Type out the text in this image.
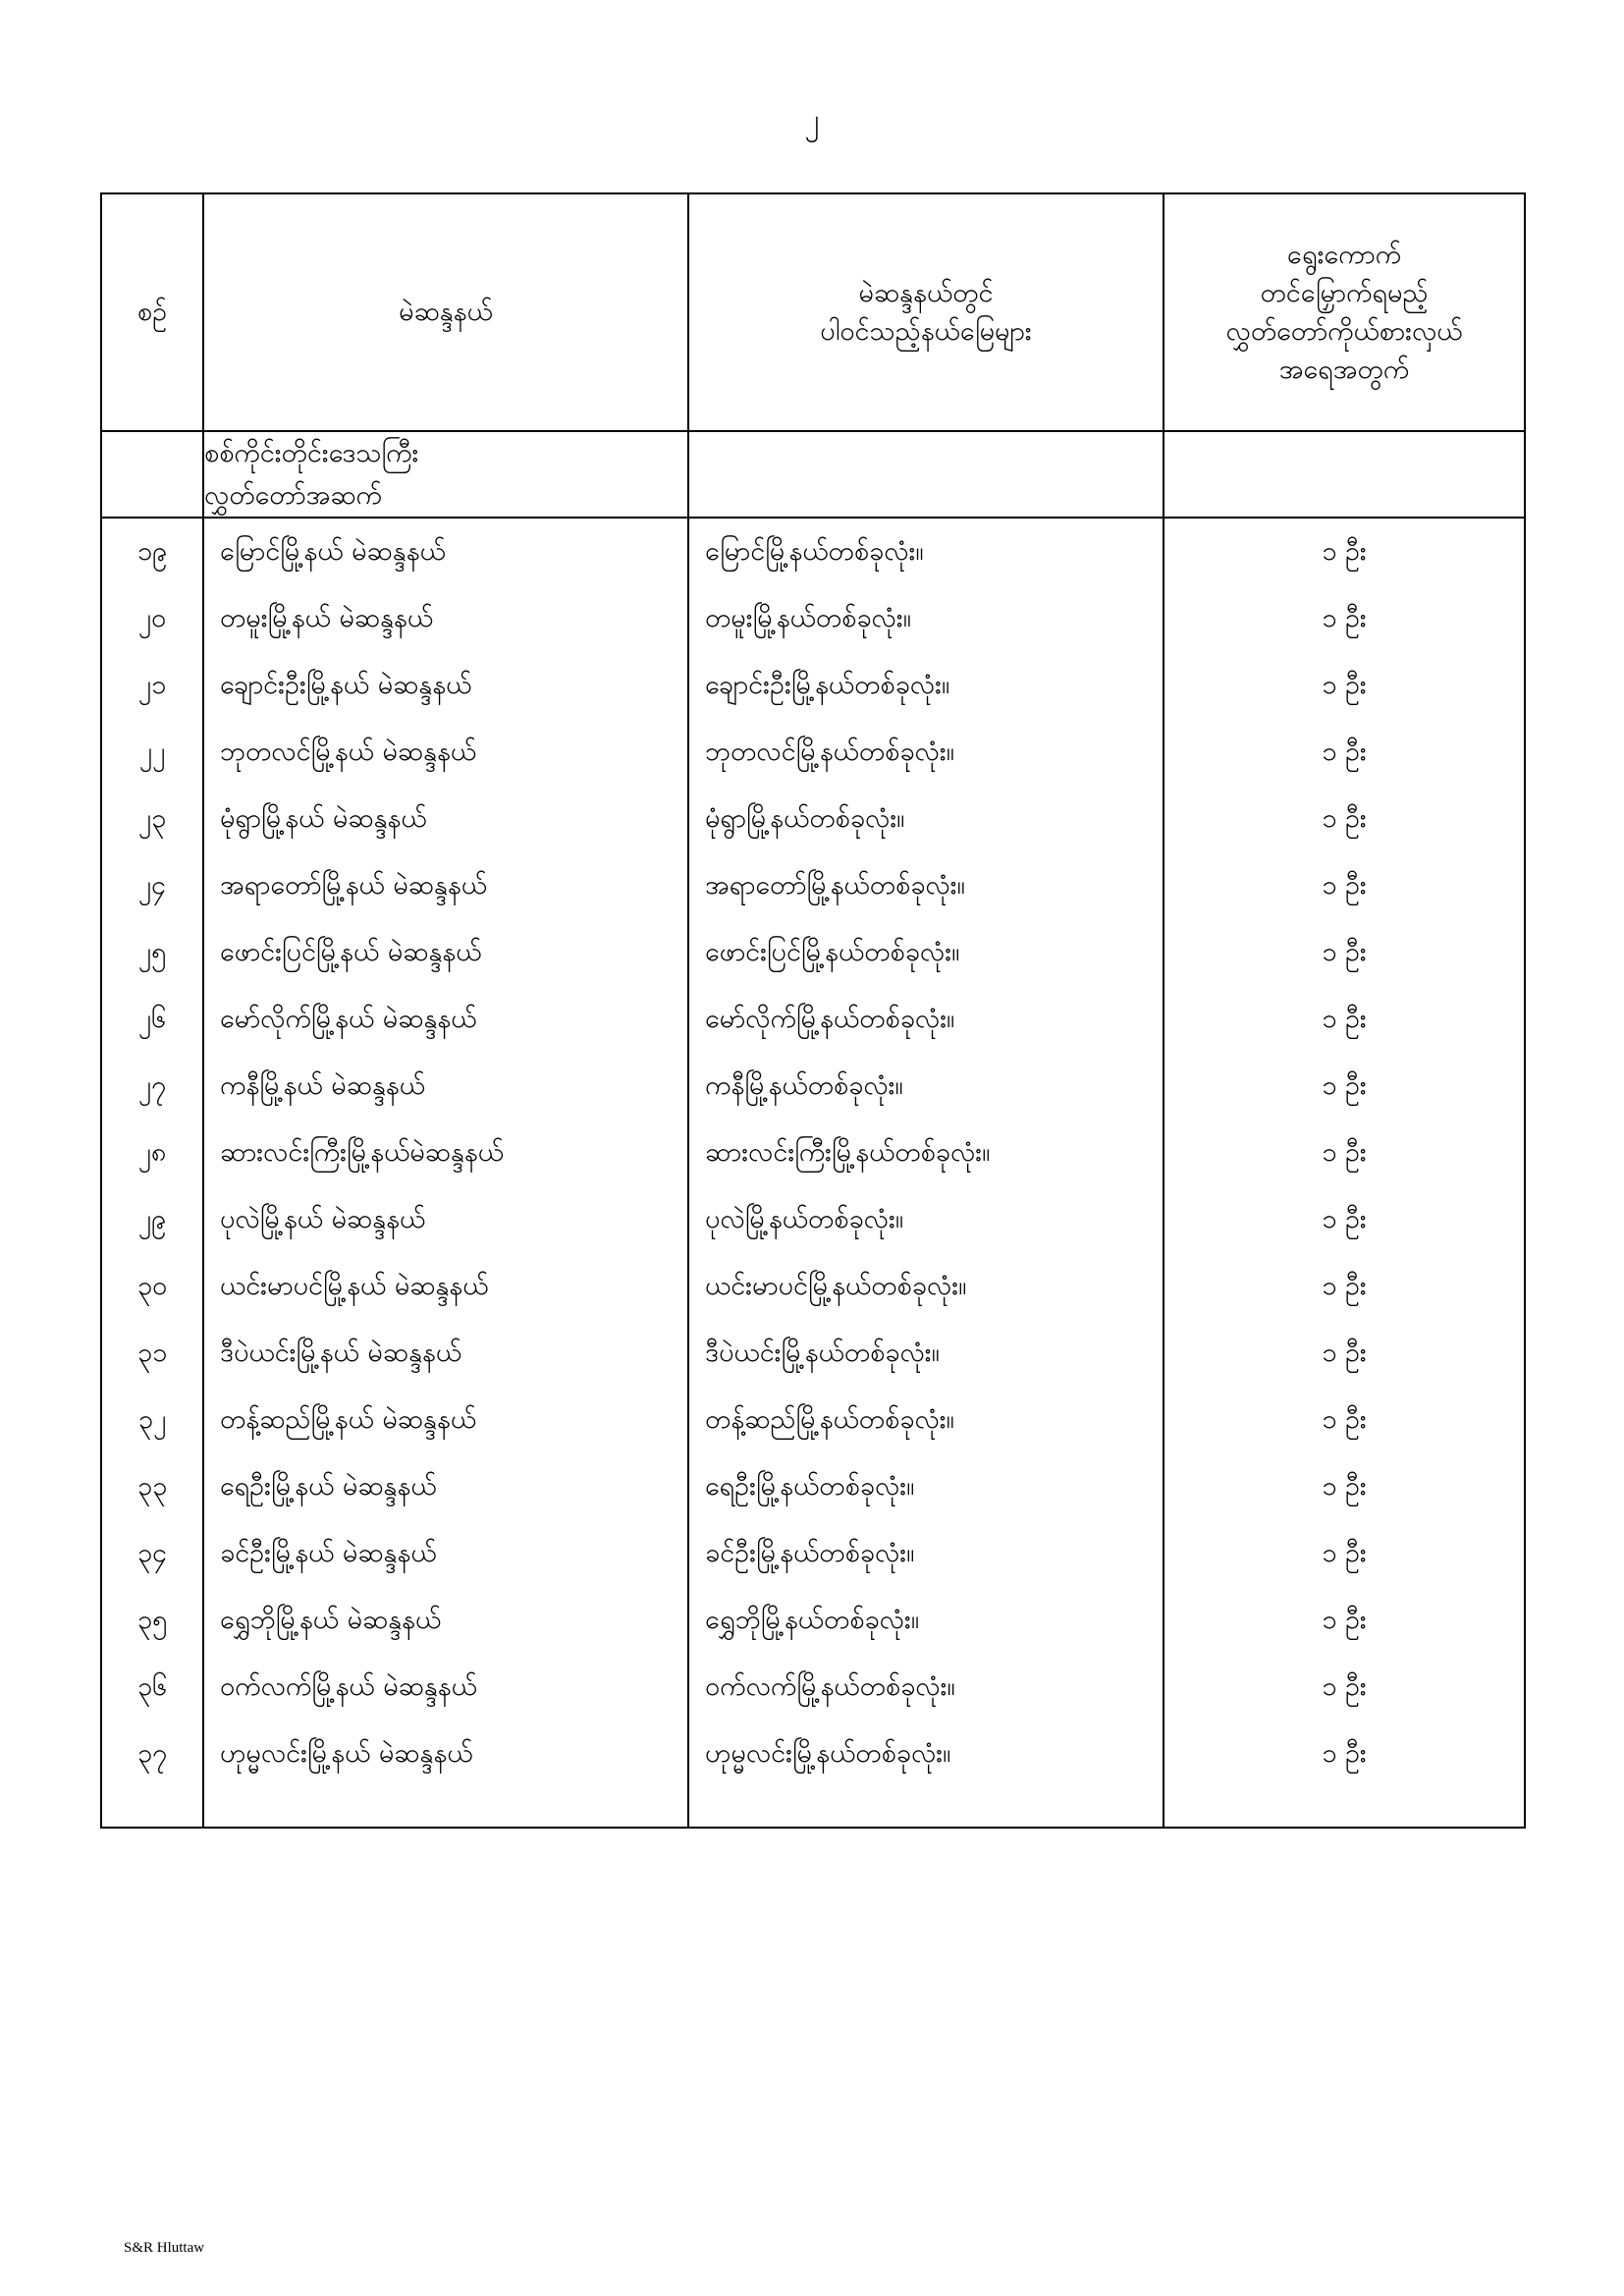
၂
စဥ်	မဲဆန္ဒနယ်	မဲဆန္ဒနယ်တွင်
ပါဝင်သည့်နယ်မြေများ	ရွေးကောက်
တင်မြှောက်ရမည့်
လွှတ်တော်ကိုယ်စားလှယ်
အရေအတွက်

	စစ်ကိုင်းတိုင်းဒေသကြီး
လွှတ်တော်အဆက်		

၁၉	မြောင်မြို့နယ် မဲဆန္ဒနယ်	မြောင်မြို့နယ်တစ်ခုလုံး။	၁ ဦး
၂၀	တမူးမြို့နယ် မဲဆန္ဒနယ်	တမူးမြို့နယ်တစ်ခုလုံး။	၁ ဦး
၂၁	ချောင်းဦးမြို့နယ် မဲဆန္ဒနယ်	ချောင်းဦးမြို့နယ်တစ်ခုလုံး။	၁ ဦး
၂၂	ဘုတလင်မြို့နယ် မဲဆန္ဒနယ်	ဘုတလင်မြို့နယ်တစ်ခုလုံး။	၁ ဦး
၂၃	မုံရွာမြို့နယ် မဲဆန္ဒနယ်	မုံရွာမြို့နယ်တစ်ခုလုံး။	၁ ဦး
၂၄	အရာတော်မြို့နယ် မဲဆန္ဒနယ်	အရာတော်မြို့နယ်တစ်ခုလုံး။	၁ ဦး
၂၅	ဖောင်းပြင်မြို့နယ် မဲဆန္ဒနယ်	ဖောင်းပြင်မြို့နယ်တစ်ခုလုံး။	၁ ဦး
၂၆	မော်လိုက်မြို့နယ် မဲဆန္ဒနယ်	မော်လိုက်မြို့နယ်တစ်ခုလုံး။	၁ ဦး
၂၇	ကနီမြို့နယ် မဲဆန္ဒနယ်	ကနီမြို့နယ်တစ်ခုလုံး။	၁ ဦး
၂၈	ဆားလင်းကြီးမြို့နယ်မဲဆန္ဒနယ်	ဆားလင်းကြီးမြို့နယ်တစ်ခုလုံး။	၁ ဦး
၂၉	ပုလဲမြို့နယ် မဲဆန္ဒနယ်	ပုလဲမြို့နယ်တစ်ခုလုံး။	၁ ဦး
၃၀	ယင်းမာပင်မြို့နယ် မဲဆန္ဒနယ်	ယင်းမာပင်မြို့နယ်တစ်ခုလုံး။	၁ ဦး
၃၁	ဒီပဲယင်းမြို့နယ် မဲဆန္ဒနယ်	ဒီပဲယင်းမြို့နယ်တစ်ခုလုံး။	၁ ဦး
၃၂	တန့်ဆည်မြို့နယ် မဲဆန္ဒနယ်	တန့်ဆည်မြို့နယ်တစ်ခုလုံး။	၁ ဦး
၃၃	ရေဦးမြို့နယ် မဲဆန္ဒနယ်	ရေဦးမြို့နယ်တစ်ခုလုံး။	၁ ဦး
၃၄	ခင်ဦးမြို့နယ် မဲဆန္ဒနယ်	ခင်ဦးမြို့နယ်တစ်ခုလုံး။	၁ ဦး
၃၅	ရွှေဘိုမြို့နယ် မဲဆန္ဒနယ်	ရွှေဘိုမြို့နယ်တစ်ခုလုံး။	၁ ဦး
၃၆	ဝက်လက်မြို့နယ် မဲဆန္ဒနယ်	ဝက်လက်မြို့နယ်တစ်ခုလုံး။	၁ ဦး
၃၇	ဟုမ္မလင်းမြို့နယ် မဲဆန္ဒနယ်	ဟုမ္မလင်းမြို့နယ်တစ်ခုလုံး။	၁ ဦး

S&R Hluttaw
